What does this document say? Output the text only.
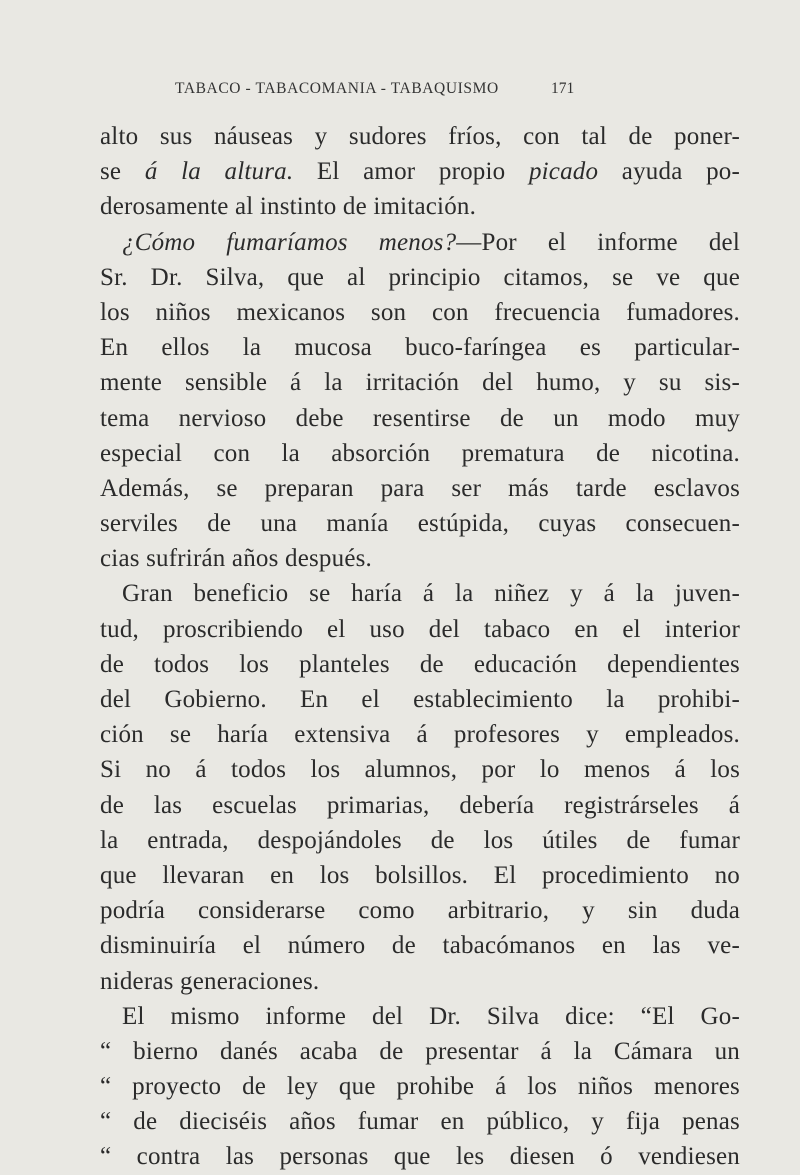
TABACO - TABACOMANIA - TABAQUISMO	171
alto sus náuseas y sudores fríos, con tal de poner-
se á la altura. El amor propio picado ayuda po-
derosamente al instinto de imitación.
¿Cómo fumaríamos menos?—Por el informe del
Sr. Dr. Silva, que al principio citamos, se ve que
los niños mexicanos son con frecuencia fumadores.
En ellos la mucosa buco-faríngea es particular-
mente sensible á la irritación del humo, y su sis-
tema nervioso debe resentirse de un modo muy
especial con la absorción prematura de nicotina.
Además, se preparan para ser más tarde esclavos
serviles de una manía estúpida, cuyas consecuen-
cias sufrirán años después.
Gran beneficio se haría á la niñez y á la juven-
tud, proscribiendo el uso del tabaco en el interior
de todos los planteles de educación dependientes
del Gobierno. En el establecimiento la prohibi-
ción se haría extensiva á profesores y empleados.
Si no á todos los alumnos, por lo menos á los
de las escuelas primarias, debería registrárseles á
la entrada, despojándoles de los útiles de fumar
que llevaran en los bolsillos. El procedimiento no
podría considerarse como arbitrario, y sin duda
disminuiría el número de tabacómanos en las ve-
nideras generaciones.
El mismo informe del Dr. Silva dice: “El Go-
“ bierno danés acaba de presentar á la Cámara un
“ proyecto de ley que prohibe á los niños menores
“ de dieciséis años fumar en público, y fija penas
“ contra las personas que les diesen ó vendiesen
